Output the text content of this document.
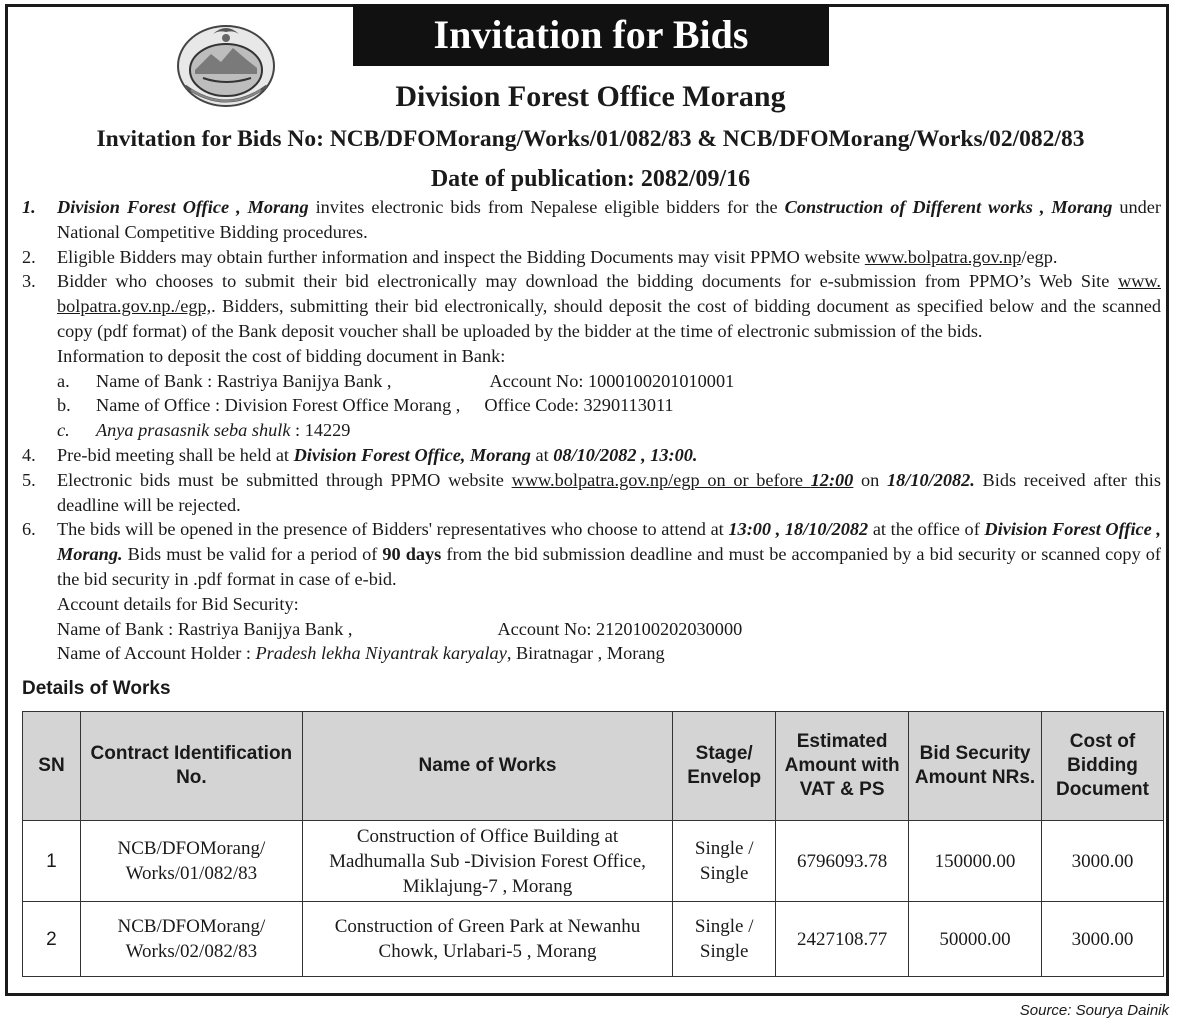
Invitation for Bids
Division Forest Office Morang
Invitation for Bids No: NCB/DFOMorang/Works/01/082/83 & NCB/DFOMorang/Works/02/082/83
Date of publication: 2082/09/16
1. Division Forest Office , Morang invites electronic bids from Nepalese eligible bidders for the Construction of Different works , Morang under National Competitive Bidding procedures.
2. Eligible Bidders may obtain further information and inspect the Bidding Documents may visit PPMO website www.bolpatra.gov.np/egp.
3. Bidder who chooses to submit their bid electronically may download the bidding documents for e-submission from PPMO’s Web Site www. bolpatra.gov.np./egp,. Bidders, submitting their bid electronically, should deposit the cost of bidding document as specified below and the scanned copy (pdf format) of the Bank deposit voucher shall be uploaded by the bidder at the time of electronic submission of the bids.
Information to deposit the cost of bidding document in Bank:
a. Name of Bank : Rastriya Banijya Bank ,	Account No: 1000100201010001
b. Name of Office : Division Forest Office Morang , Office Code: 3290113011
c. Anya prasasnik seba shulk : 14229
4. Pre-bid meeting shall be held at Division Forest Office, Morang at 08/10/2082 , 13:00.
5. Electronic bids must be submitted through PPMO website www.bolpatra.gov.np/egp on or before 12:00 on 18/10/2082. Bids received after this deadline will be rejected.
6. The bids will be opened in the presence of Bidders' representatives who choose to attend at 13:00 , 18/10/2082 at the office of Division Forest Office , Morang. Bids must be valid for a period of 90 days from the bid submission deadline and must be accompanied by a bid security or scanned copy of the bid security in .pdf format in case of e-bid.
Account details for Bid Security:
Name of Bank : Rastriya Banijya Bank ,	Account No: 2120100202030000
Name of Account Holder : Pradesh lekha Niyantrak karyalay, Biratnagar , Morang
Details of Works
SN	Contract Identification No.	Name of Works	Stage/ Envelop	Estimated Amount with VAT & PS	Bid Security Amount NRs.	Cost of Bidding Document
1	NCB/DFOMorang/ Works/01/082/83	Construction of Office Building at Madhumalla Sub -Division Forest Office, Miklajung-7 , Morang	Single / Single	6796093.78	150000.00	3000.00
2	NCB/DFOMorang/ Works/02/082/83	Construction of Green Park at Newanhu Chowk, Urlabari-5 , Morang	Single / Single	2427108.77	50000.00	3000.00
Source: Sourya Dainik
